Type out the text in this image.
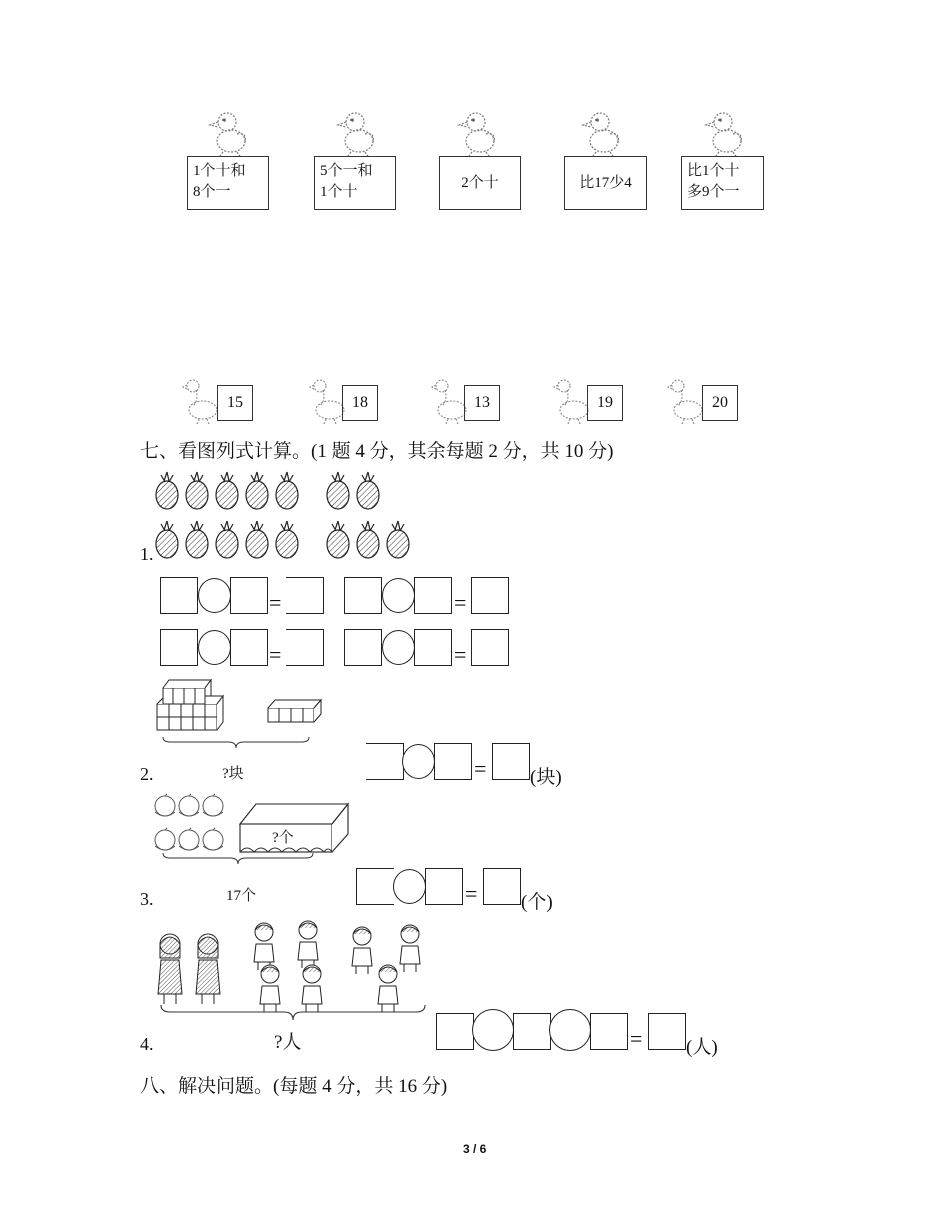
1个十和
8个一
5个一和
1个十
2个十	比17少4
比1个十
多9个一
15	18	13	19	20
七、看图列式计算。(1 题 4 分，其余每题 2 分，共 10 分)
1.
=	=
=	=
?块
2.	= (块)
?个
17个
3.	= (个)
?人
4.	= (人)
八、解决问题。(每题 4 分，共 16 分)
3 / 6
